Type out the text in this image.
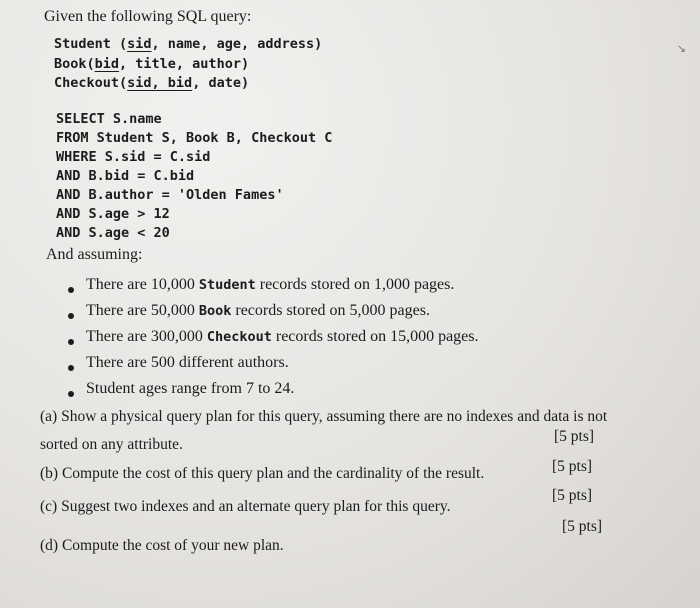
Given the following SQL query:
Student (sid, name, age, address)
Book(bid, title, author)
Checkout(sid, bid, date)
SELECT S.name
FROM Student S, Book B, Checkout C
WHERE S.sid = C.sid
AND B.bid = C.bid
AND B.author = 'Olden Fames'
AND S.age > 12
AND S.age < 20
And assuming:
There are 10,000 Student records stored on 1,000 pages.
There are 50,000 Book records stored on 5,000 pages.
There are 300,000 Checkout records stored on 15,000 pages.
There are 500 different authors.
Student ages range from 7 to 24.
(a) Show a physical query plan for this query, assuming there are no indexes and data is not
sorted on any attribute.	[5 pts]
(b) Compute the cost of this query plan and the cardinality of the result.	[5 pts]
(c) Suggest two indexes and an alternate query plan for this query.
[5 pts]
(d) Compute the cost of your new plan.
[5 pts]
↘
